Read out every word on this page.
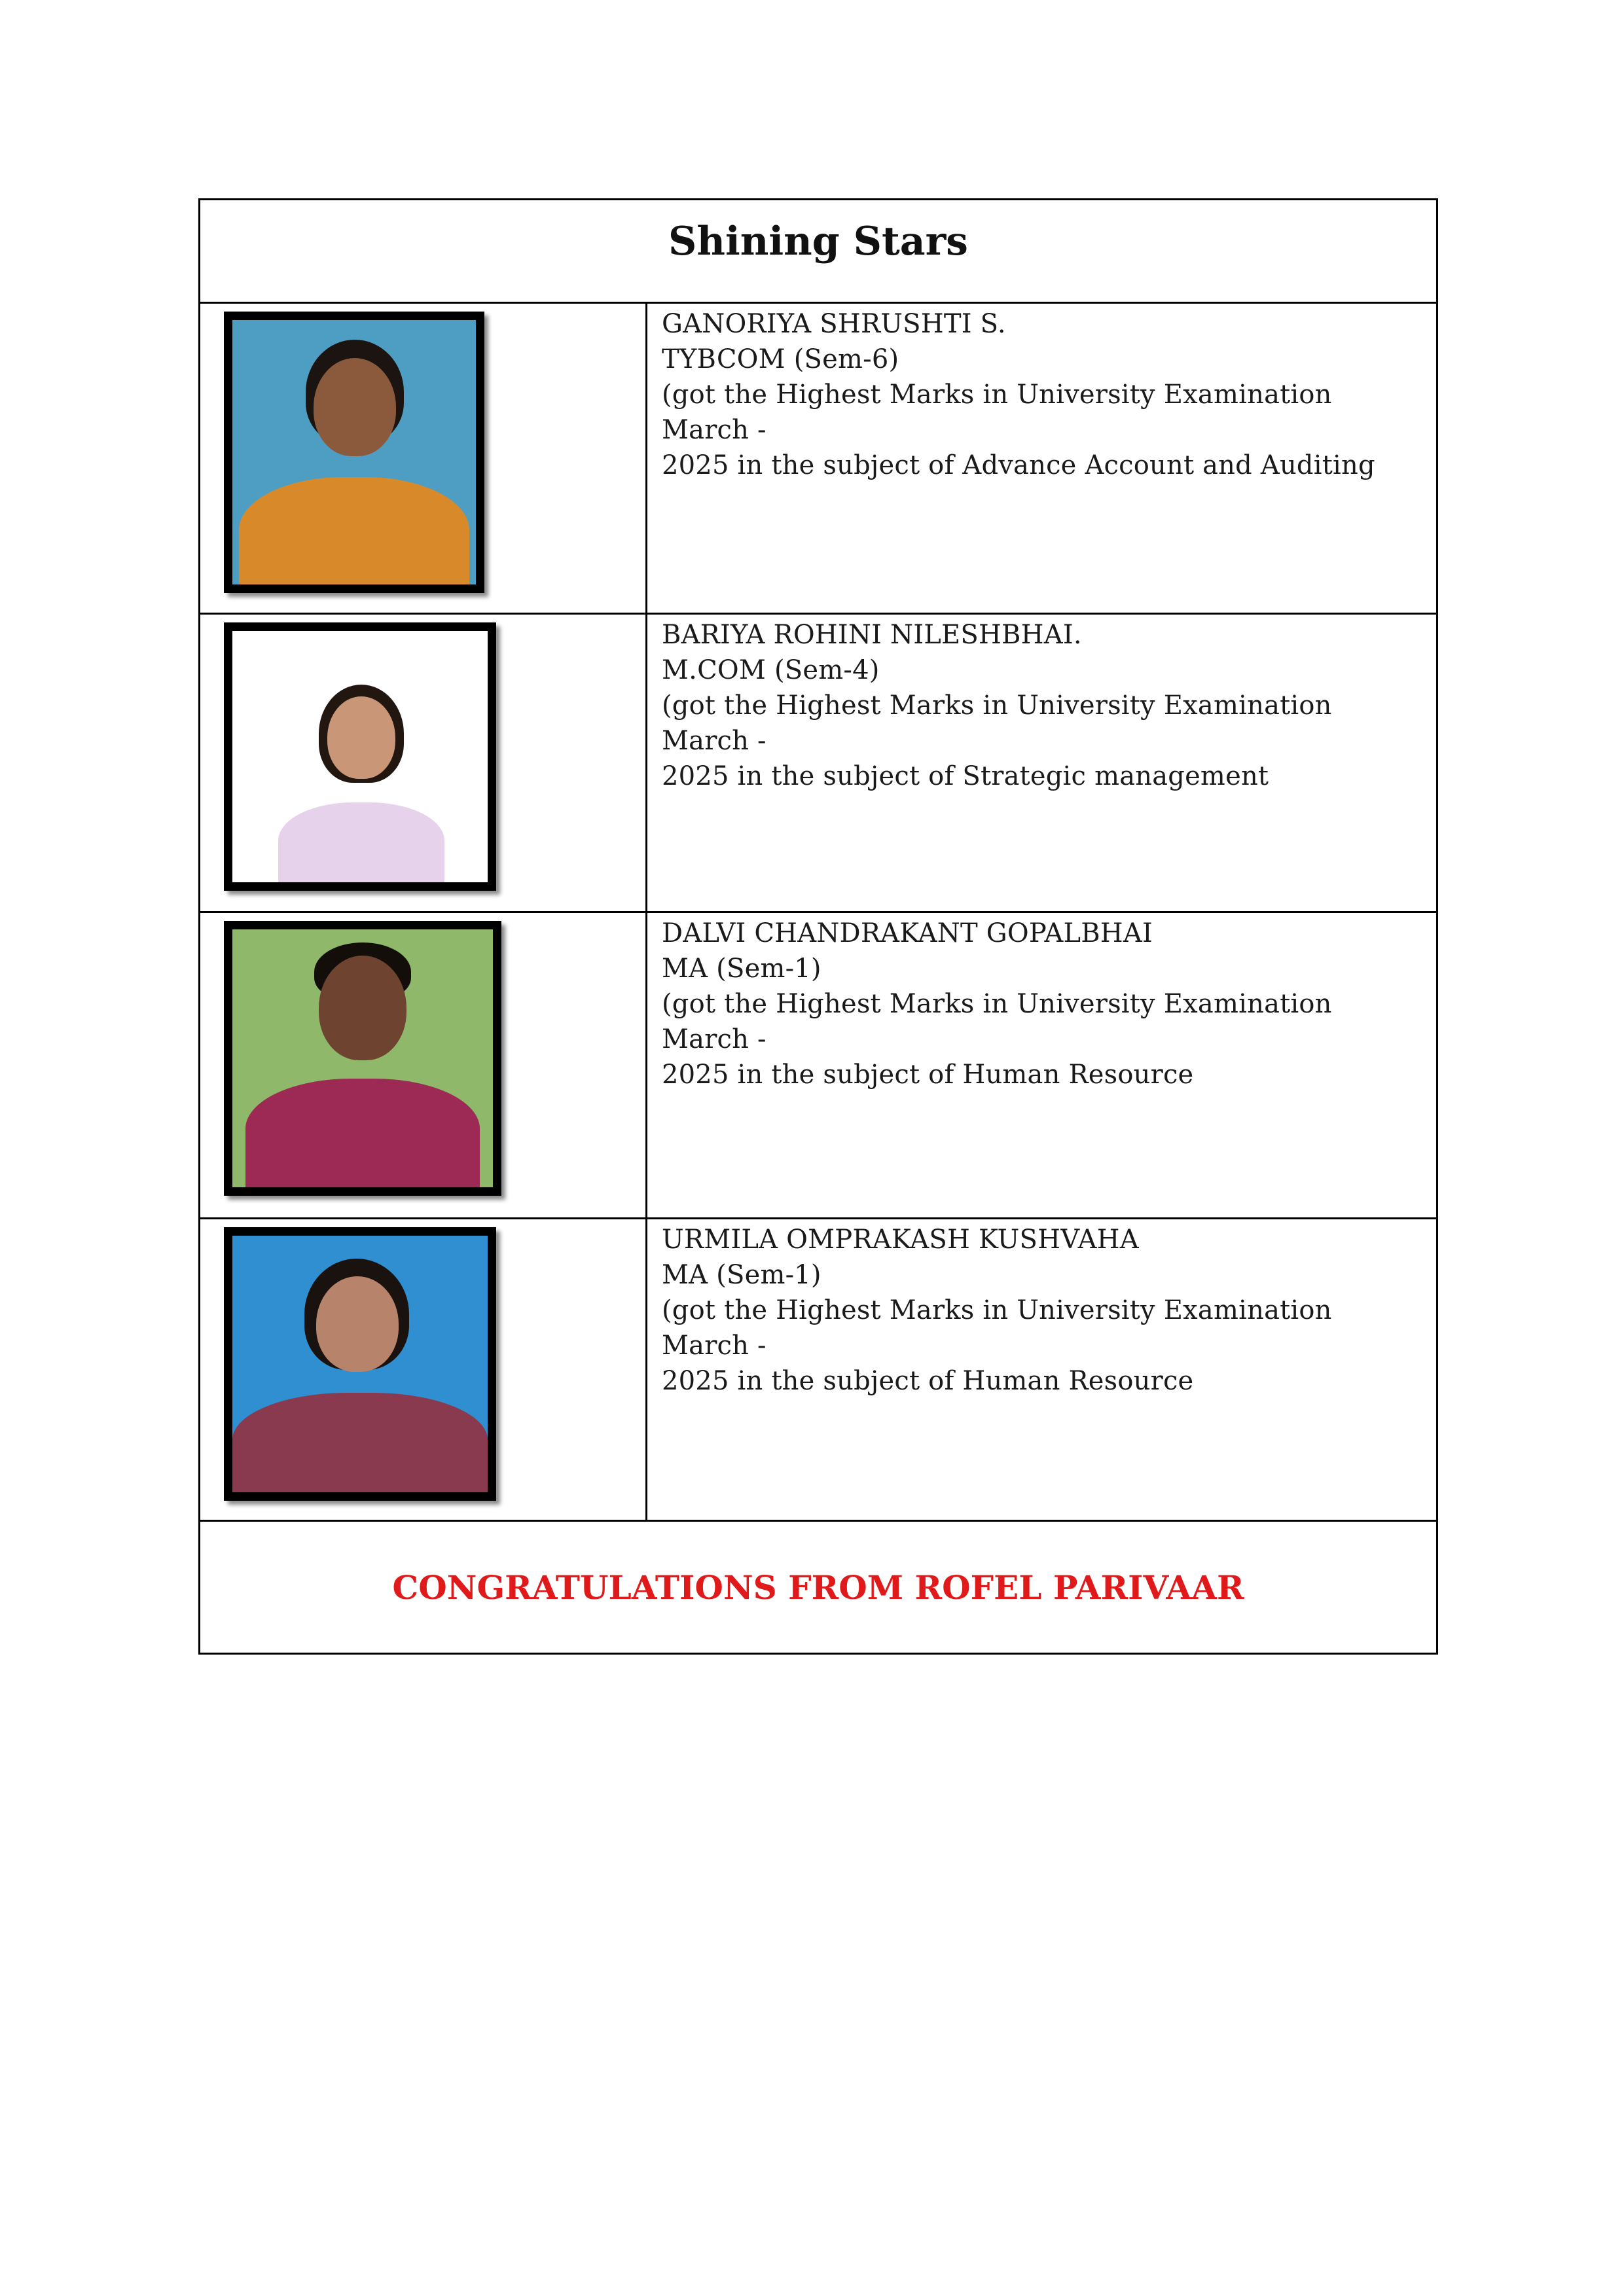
Shining Stars	

	GANORIYA SHRUSHTI S.
TYBCOM (Sem-6)
(got the Highest Marks in University Examination March -
2025 in the subject of Advance Account and Auditing

	BARIYA ROHINI NILESHBHAI.
M.COM (Sem-4)
(got the Highest Marks in University Examination March -
2025 in the subject of Strategic management

	DALVI CHANDRAKANT GOPALBHAI
MA (Sem-1)
(got the Highest Marks in University Examination March -
2025 in the subject of Human Resource

	URMILA OMPRAKASH KUSHVAHA
MA (Sem-1)
(got the Highest Marks in University Examination March -
2025 in the subject of Human Resource

CONGRATULATIONS FROM ROFEL PARIVAAR	
